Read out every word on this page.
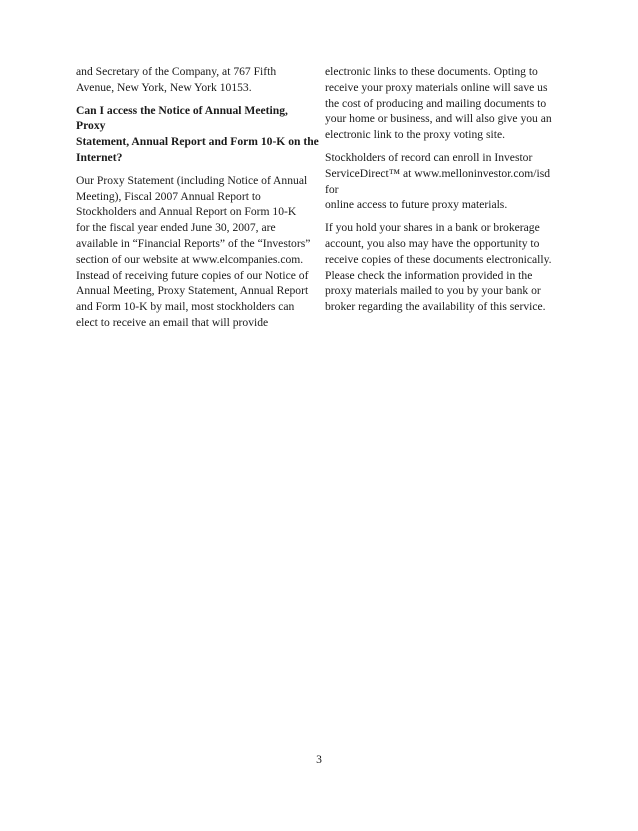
and Secretary of the Company, at 767 Fifth
Avenue, New York, New York 10153.

Can I access the Notice of Annual Meeting, Proxy
Statement, Annual Report and Form 10-K on the
Internet?

Our Proxy Statement (including Notice of Annual
Meeting), Fiscal 2007 Annual Report to
Stockholders and Annual Report on Form 10-K
for the fiscal year ended June 30, 2007, are
available in “Financial Reports” of the “Investors”
section of our website at www.elcompanies.com.
Instead of receiving future copies of our Notice of
Annual Meeting, Proxy Statement, Annual Report
and Form 10-K by mail, most stockholders can
elect to receive an email that will provide

electronic links to these documents. Opting to
receive your proxy materials online will save us
the cost of producing and mailing documents to
your home or business, and will also give you an
electronic link to the proxy voting site.

Stockholders of record can enroll in Investor
ServiceDirect™ at www.melloninvestor.com/isd for
online access to future proxy materials.

If you hold your shares in a bank or brokerage
account, you also may have the opportunity to
receive copies of these documents electronically.
Please check the information provided in the
proxy materials mailed to you by your bank or
broker regarding the availability of this service.

3
